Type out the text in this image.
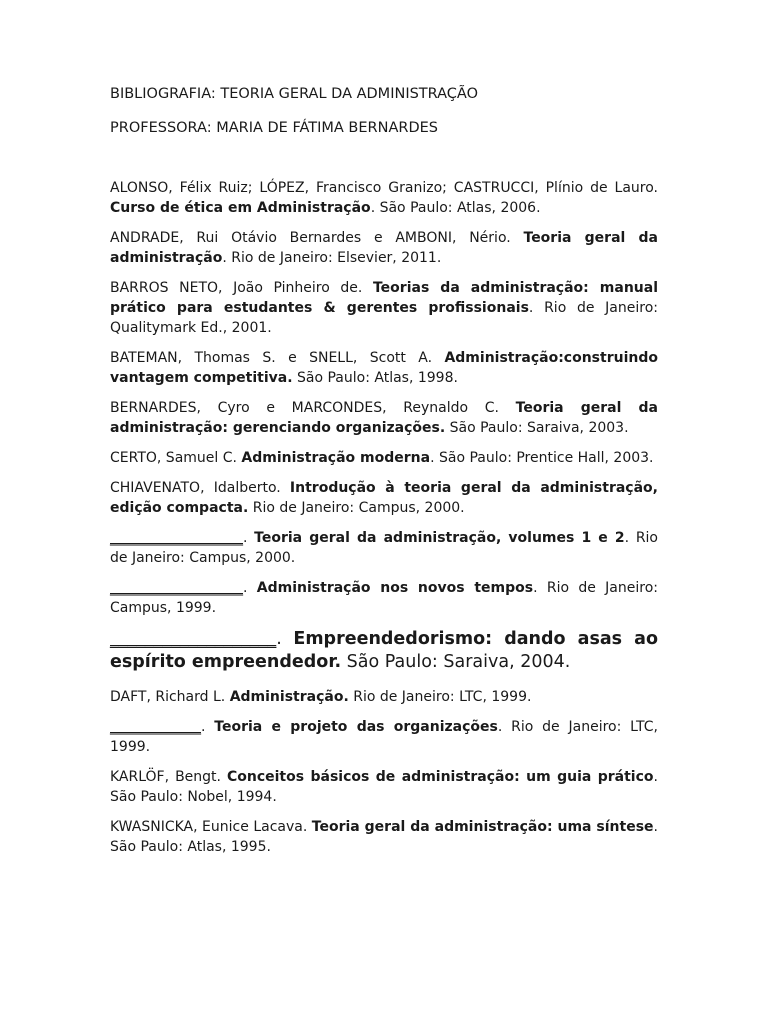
BIBLIOGRAFIA: TEORIA GERAL DA ADMINISTRAÇÃO

PROFESSORA: MARIA DE FÁTIMA BERNARDES

ALONSO, Félix Ruiz; LÓPEZ, Francisco Granizo; CASTRUCCI, Plínio de Lauro. Curso de ética em Administração. São Paulo: Atlas, 2006.

ANDRADE, Rui Otávio Bernardes e AMBONI, Nério. Teoria geral da administração. Rio de Janeiro: Elsevier, 2011.

BARROS NETO, João Pinheiro de. Teorias da administração: manual prático para estudantes & gerentes profissionais. Rio de Janeiro: Qualitymark Ed., 2001.

BATEMAN, Thomas S. e SNELL, Scott A. Administração:construindo vantagem competitiva. São Paulo: Atlas, 1998.

BERNARDES, Cyro e MARCONDES, Reynaldo C. Teoria geral da administração: gerenciando organizações. São Paulo: Saraiva, 2003.

CERTO, Samuel C. Administração moderna. São Paulo: Prentice Hall, 2003.

CHIAVENATO, Idalberto. Introdução à teoria geral da administração, edição compacta. Rio de Janeiro: Campus, 2000.

___________________. Teoria geral da administração, volumes 1 e 2. Rio de Janeiro: Campus, 2000.

___________________. Administração nos novos tempos. Rio de Janeiro: Campus, 1999.

___________________. Empreendedorismo: dando asas ao espírito empreendedor. São Paulo: Saraiva, 2004.

DAFT, Richard L. Administração. Rio de Janeiro: LTC, 1999.

_____________. Teoria e projeto das organizações. Rio de Janeiro: LTC, 1999.

KARLÖF, Bengt. Conceitos básicos de administração: um guia prático. São Paulo: Nobel, 1994.

KWASNICKA, Eunice Lacava. Teoria geral da administração: uma síntese. São Paulo: Atlas, 1995.
